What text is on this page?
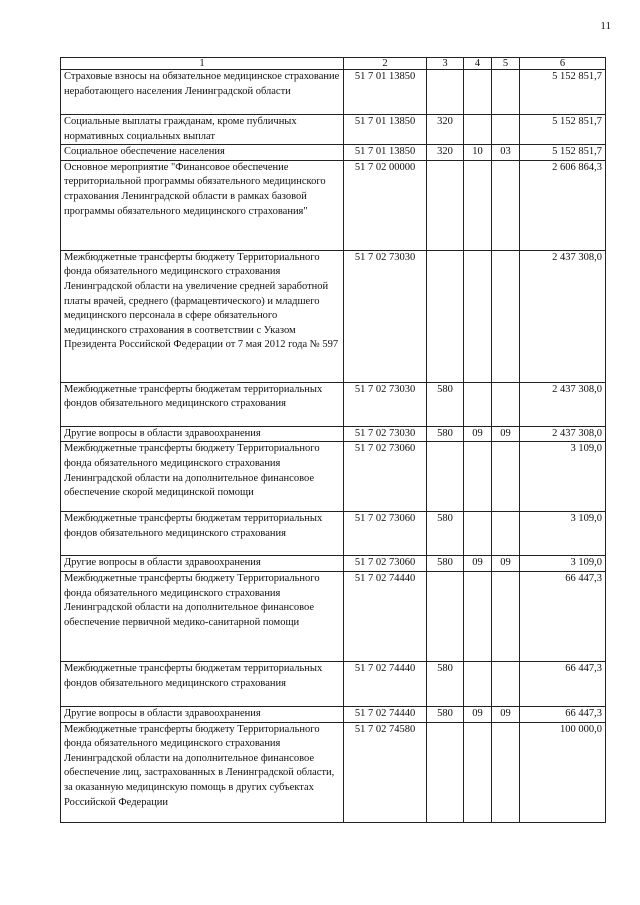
11
1	2	3	4	5	6
Страховые взносы на обязательное медицинское страхование неработающего населения Ленинградской области	51 7 01 13850				5 152 851,7
Социальные выплаты гражданам, кроме публичных нормативных социальных выплат	51 7 01 13850	320			5 152 851,7
Социальное обеспечение населения	51 7 01 13850	320	10	03	5 152 851,7
Основное мероприятие "Финансовое обеспечение территориальной программы обязательного медицинского страхования Ленинградской области в рамках базовой программы обязательного медицинского страхования"	51 7 02 00000				2 606 864,3
Межбюджетные трансферты бюджету Территориального фонда обязательного медицинского страхования Ленинградской области на увеличение средней заработной платы врачей, среднего (фармацевтического) и младшего медицинского персонала в сфере обязательного медицинского страхования в соответствии с Указом Президента Российской Федерации от 7 мая 2012 года № 597	51 7 02 73030				2 437 308,0
Межбюджетные трансферты бюджетам территориальных фондов обязательного медицинского страхования	51 7 02 73030	580			2 437 308,0
Другие вопросы в области здравоохранения	51 7 02 73030	580	09	09	2 437 308,0
Межбюджетные трансферты бюджету Территориального фонда обязательного медицинского страхования Ленинградской области на дополнительное финансовое обеспечение скорой медицинской помощи	51 7 02 73060				3 109,0
Межбюджетные трансферты бюджетам территориальных фондов обязательного медицинского страхования	51 7 02 73060	580			3 109,0
Другие вопросы в области здравоохранения	51 7 02 73060	580	09	09	3 109,0
Межбюджетные трансферты бюджету Территориального фонда обязательного медицинского страхования Ленинградской области на дополнительное финансовое обеспечение первичной медико-санитарной помощи	51 7 02 74440				66 447,3
Межбюджетные трансферты бюджетам территориальных фондов обязательного медицинского страхования	51 7 02 74440	580			66 447,3
Другие вопросы в области здравоохранения	51 7 02 74440	580	09	09	66 447,3
Межбюджетные трансферты бюджету Территориального фонда обязательного медицинского страхования Ленинградской области на дополнительное финансовое обеспечение лиц, застрахованных в Ленинградской области, за оказанную медицинскую помощь в других субъектах Российской Федерации	51 7 02 74580				100 000,0
